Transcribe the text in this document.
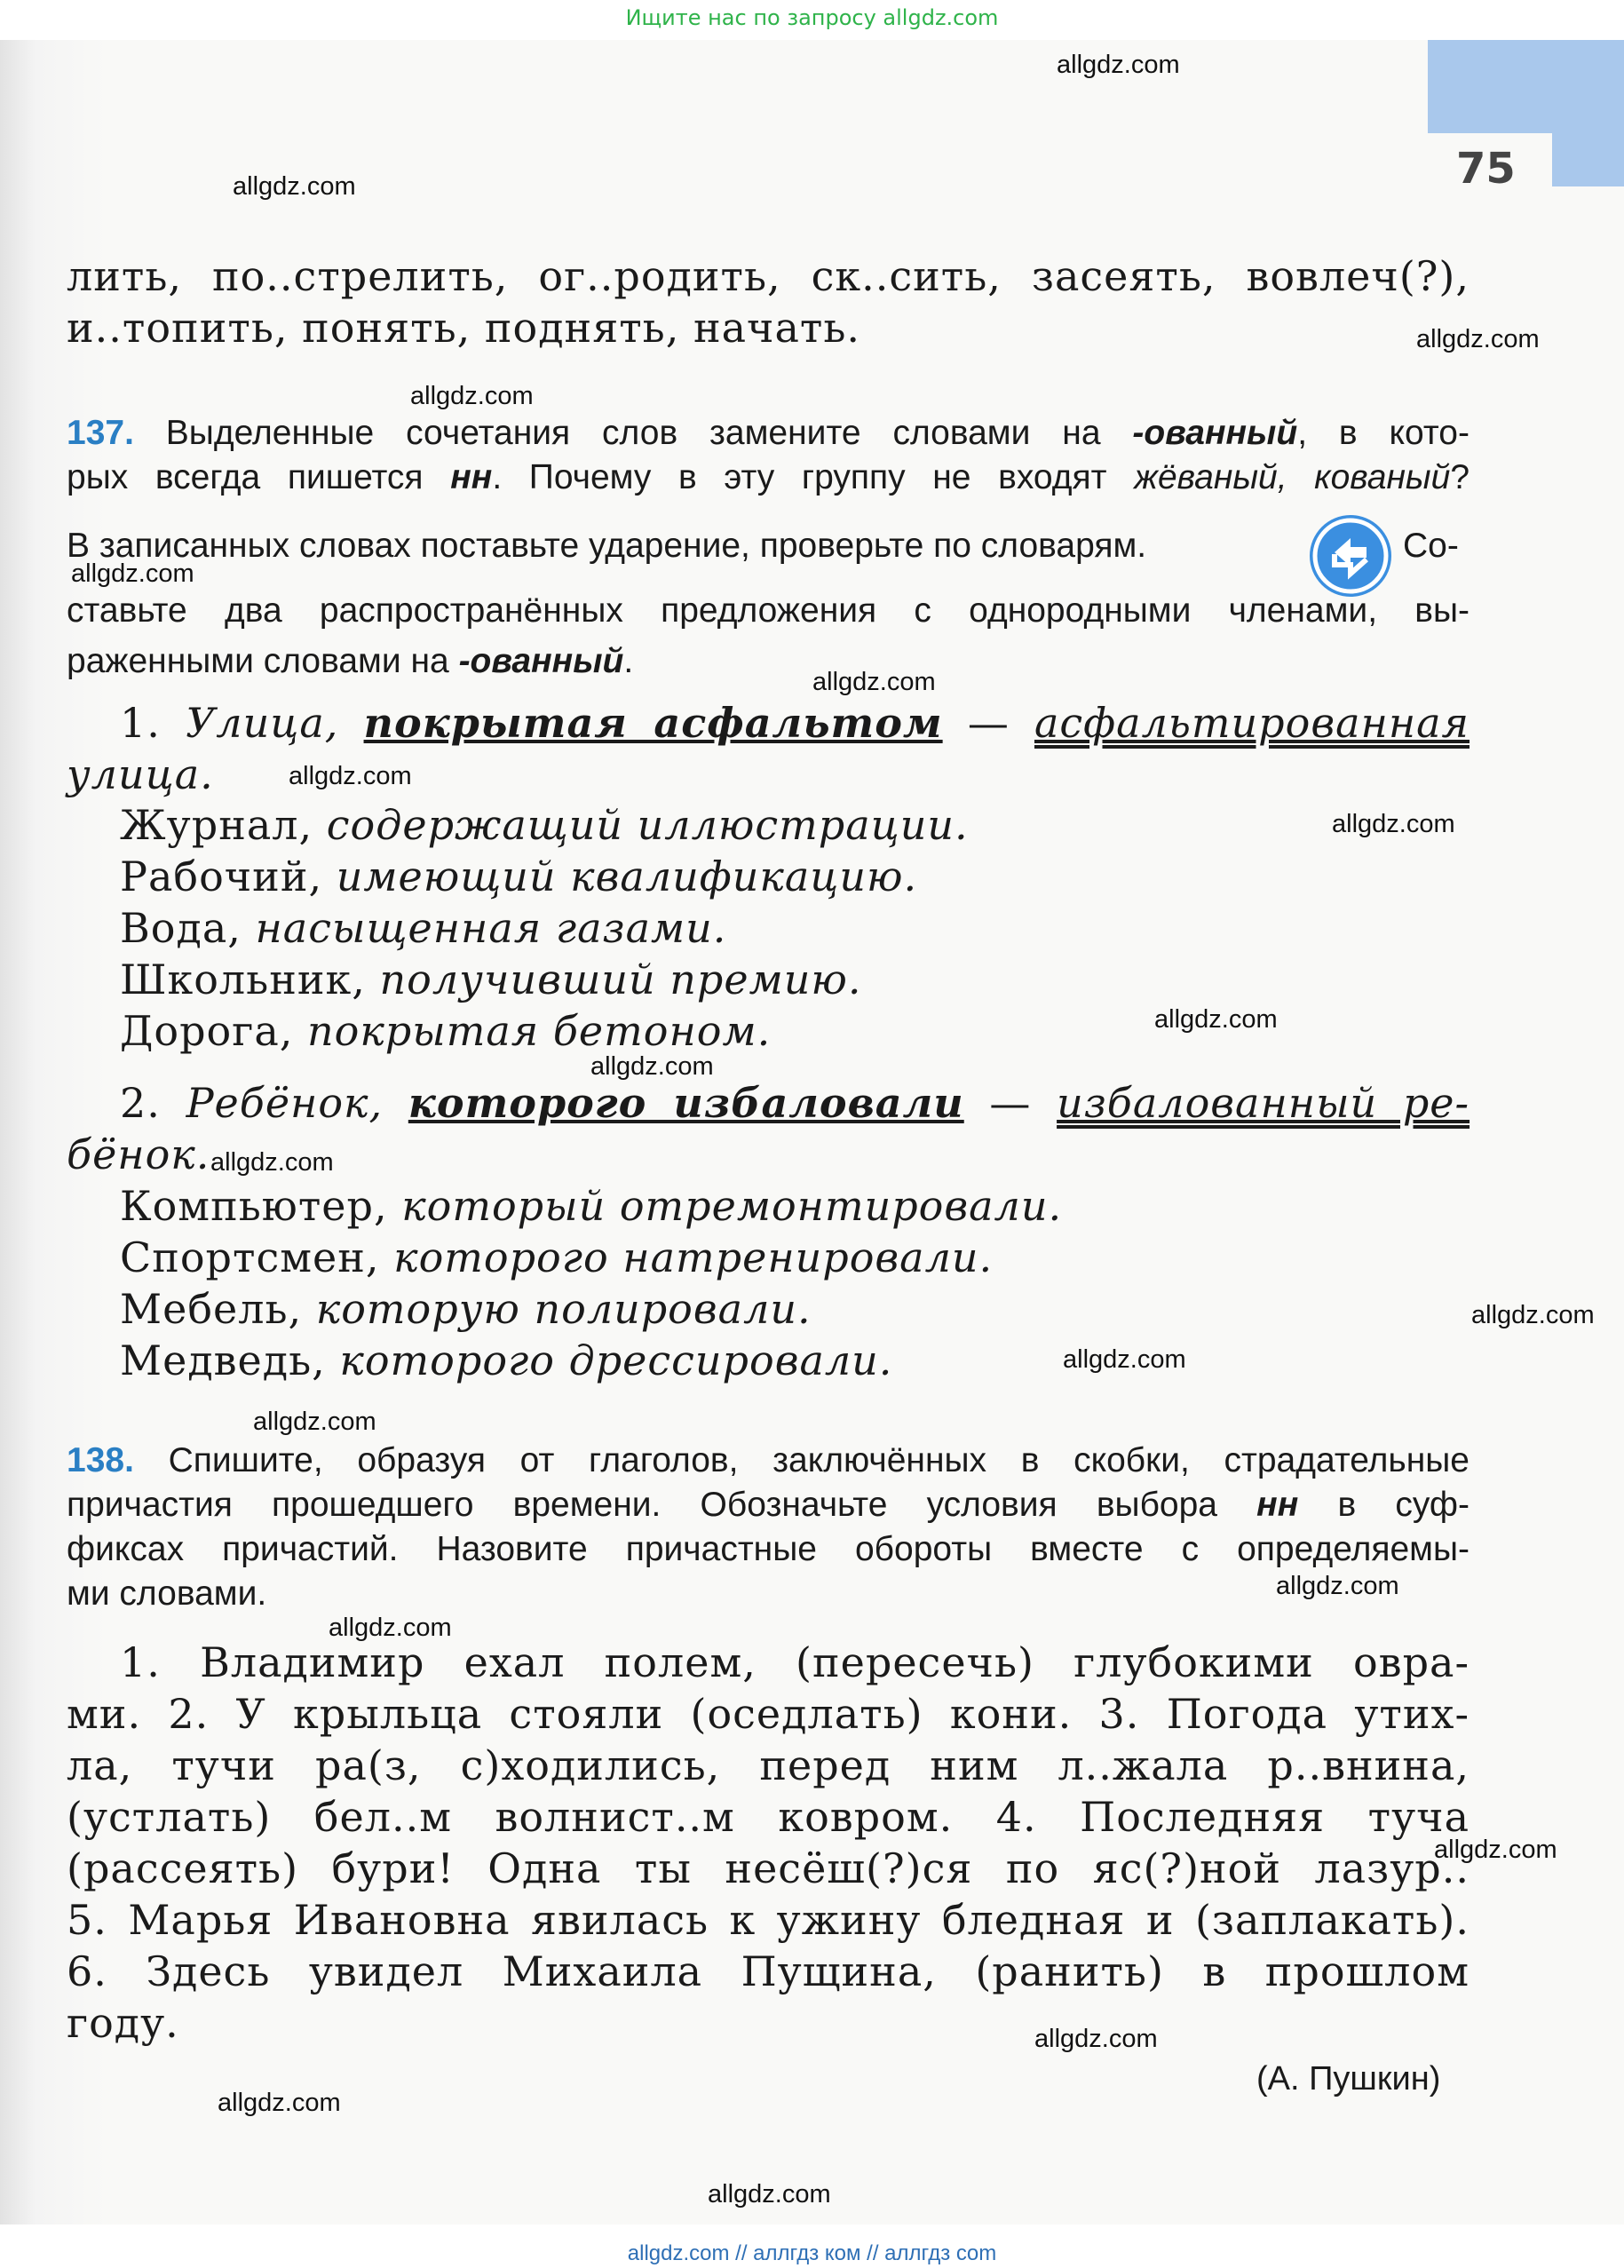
Ищите нас по запросу allgdz.com
75
allgdz.com
allgdz.com
allgdz.com
allgdz.com
allgdz.com
allgdz.com
allgdz.com
allgdz.com
allgdz.com
allgdz.com
allgdz.com
allgdz.com
allgdz.com
allgdz.com
allgdz.com
allgdz.com
allgdz.com
allgdz.com
allgdz.com
allgdz.com
лить, по..стрелить, ог..родить, ск..сить, засеять, вовлеч(?),
и..топить, понять, поднять, начать.
137. Выделенные сочетания слов замените словами на -ованный, в кото-
рых всегда пишется нн. Почему в эту группу не входят жёваный, кованый?
В записанных словах поставьте ударение, проверьте по словарям.	Со-
ставьте два распространённых предложения с однородными членами, вы-
раженными словами на -ованный.
1. Улица, покрытая асфальтом — асфальтированная
улица.
Журнал, содержащий иллюстрации.
Рабочий, имеющий квалификацию.
Вода, насыщенная газами.
Школьник, получивший премию.
Дорога, покрытая бетоном.
2. Ребёнок, которого избаловали — избалованный ре-
бёнок.
Компьютер, который отремонтировали.
Спортсмен, которого натренировали.
Мебель, которую полировали.
Медведь, которого дрессировали.
138. Спишите, образуя от глаголов, заключённых в скобки, страдательные
причастия прошедшего времени. Обозначьте условия выбора нн в суф-
фиксах причастий. Назовите причастные обороты вместе с определяемы-
ми словами.
1. Владимир ехал полем, (пересечь) глубокими овра-
ми. 2. У крыльца стояли (оседлать) кони. 3. Погода утих-
ла, тучи ра(з, с)ходились, перед ним л..жала р..внина,
(устлать) бел..м волнист..м ковром. 4. Последняя туча
(рассеять) бури! Одна ты несёш(?)ся по яс(?)ной лазур..
5. Марья Ивановна явилась к ужину бледная и (заплакать).
6. Здесь увидел Михаила Пущина, (ранить) в прошлом
году.
(А. Пушкин)
allgdz.com // аллгдз ком // аллгдз com
